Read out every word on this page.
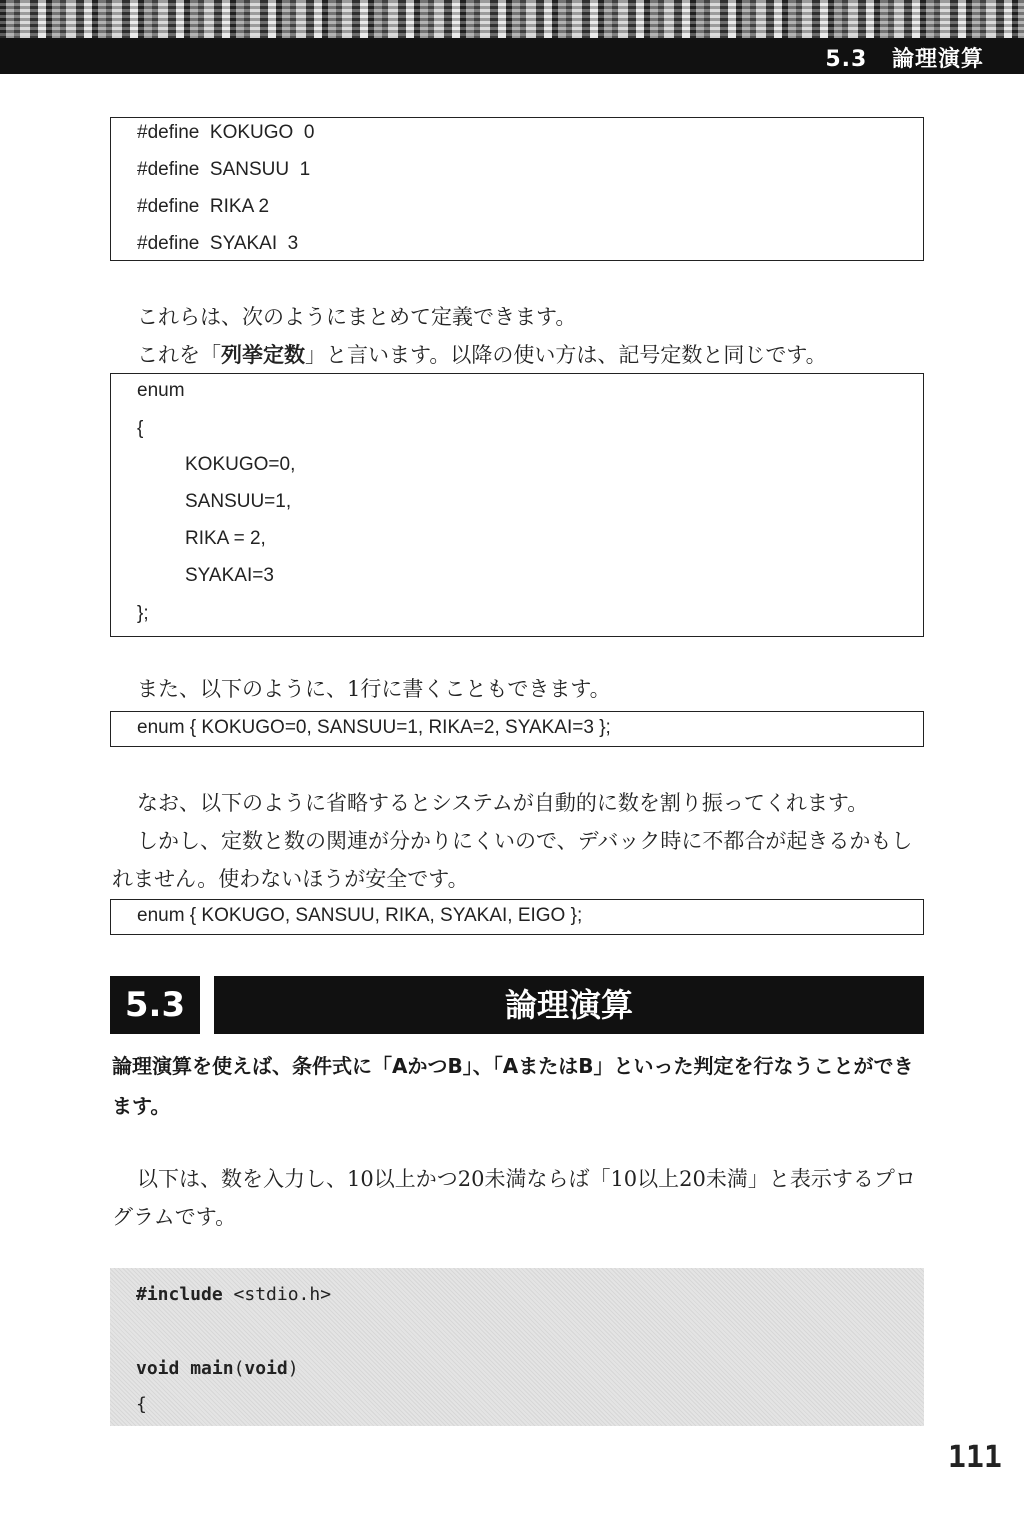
5.3 論理演算
#define  KOKUGO  0
#define  SANSUU  1
#define  RIKA 2
#define  SYAKAI  3

これらは、次のようにまとめて定義できます。

これを「列挙定数」と言います。以降の使い方は、記号定数と同じです。

enum
{
KOKUGO=0,
SANSUU=1,
RIKA = 2,
SYAKAI=3
};

また、以下のように、1行に書くこともできます。

enum { KOKUGO=0, SANSUU=1, RIKA=2, SYAKAI=3 };

なお、以下のように省略するとシステムが自動的に数を割り振ってくれます。

しかし、定数と数の関連が分かりにくいので、デバック時に不都合が起きるかもしれません。使わないほうが安全です。

enum { KOKUGO, SANSUU, RIKA, SYAKAI, EIGO };
5.3	論理演算
論理演算を使えば、条件式に「AかつB」、「AまたはB」といった判定を行なうことができます。

以下は、数を入力し、10以上かつ20未満ならば「10以上20未満」と表示するプログラムです。

#include <stdio.h>
void main(void)
{
111
